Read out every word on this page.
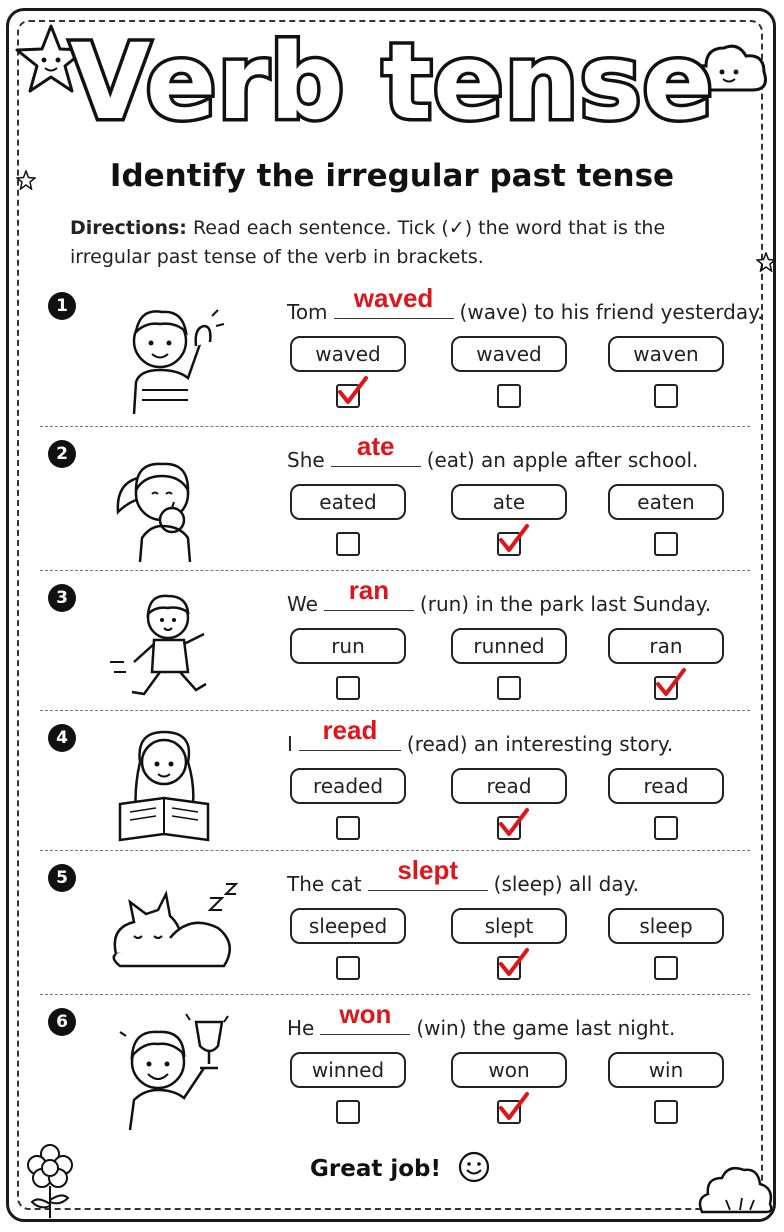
Verb tense
Identify the irregular past tense
Directions: Read each sentence. Tick (✓) the word that is the irregular past tense of the verb in brackets.
1	Tom	waved	(wave) to his friend yesterday.
waved	waved	waven
2	She	ate	(eat) an apple after school.
eated	ate	eaten
3	We	ran	(run) in the park last Sunday.
run	runned	ran
4	I	read	(read) an interesting story.
readed	read	read
5	The cat	slept	(sleep) all day.
sleeped	slept	sleep
6	He won	(win) the game last night.
winned	won	win
Great job!
